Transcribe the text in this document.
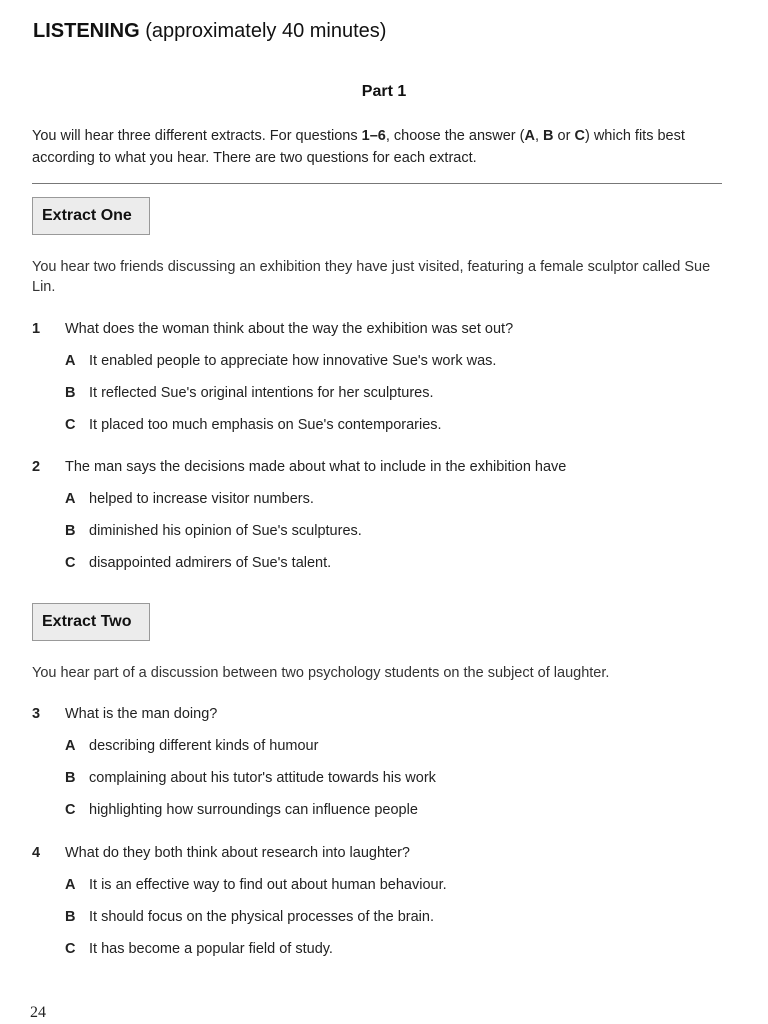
LISTENING (approximately 40 minutes)
Part 1
You will hear three different extracts. For questions 1–6, choose the answer (A, B or C) which fits best according to what you hear. There are two questions for each extract.
Extract One
You hear two friends discussing an exhibition they have just visited, featuring a female sculptor called Sue Lin.
1 What does the woman think about the way the exhibition was set out?
A It enabled people to appreciate how innovative Sue's work was.
B It reflected Sue's original intentions for her sculptures.
C It placed too much emphasis on Sue's contemporaries.
2 The man says the decisions made about what to include in the exhibition have
A helped to increase visitor numbers.
B diminished his opinion of Sue's sculptures.
C disappointed admirers of Sue's talent.
Extract Two
You hear part of a discussion between two psychology students on the subject of laughter.
3 What is the man doing?
A describing different kinds of humour
B complaining about his tutor's attitude towards his work
C highlighting how surroundings can influence people
4 What do they both think about research into laughter?
A It is an effective way to find out about human behaviour.
B It should focus on the physical processes of the brain.
C It has become a popular field of study.
24
